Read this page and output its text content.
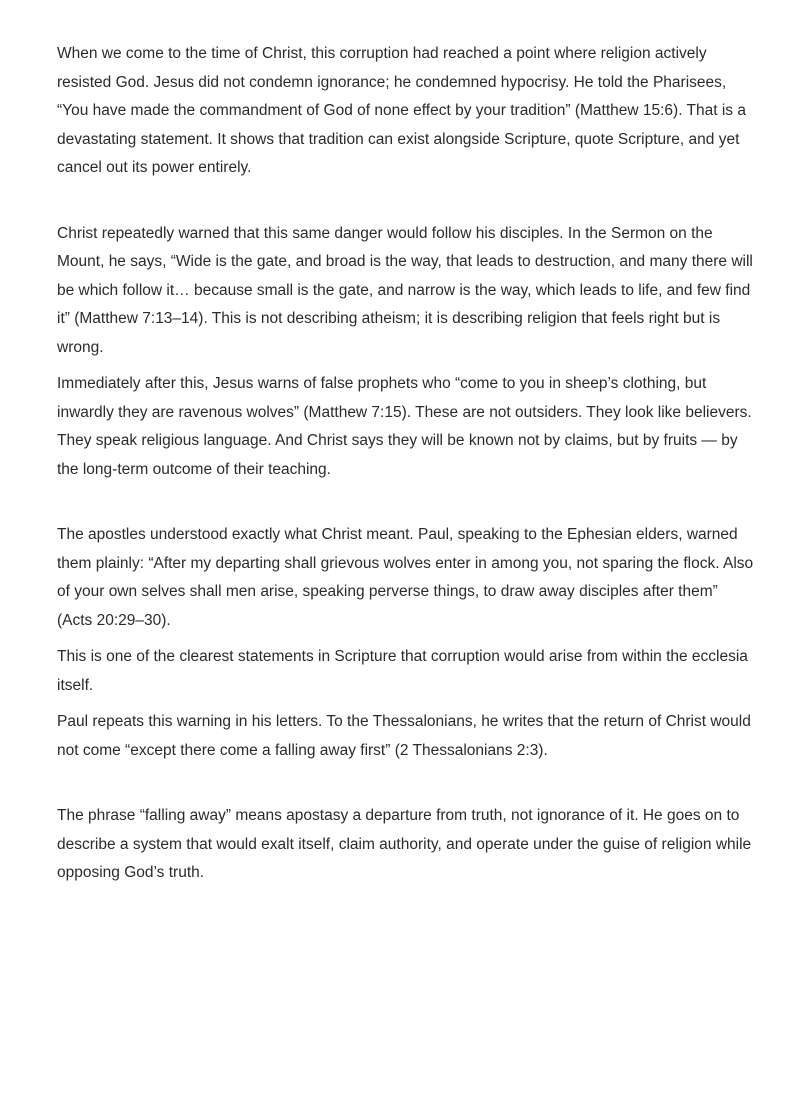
When we come to the time of Christ, this corruption had reached a point where religion actively resisted God. Jesus did not condemn ignorance; he condemned hypocrisy. He told the Pharisees, “You have made the commandment of God of none effect by your tradition” (Matthew 15:6). That is a devastating statement. It shows that tradition can exist alongside Scripture, quote Scripture, and yet cancel out its power entirely.

Christ repeatedly warned that this same danger would follow his disciples. In the Sermon on the Mount, he says, “Wide is the gate, and broad is the way, that leads to destruction, and many there will be which follow it… because small is the gate, and narrow is the way, which leads to life, and few find it” (Matthew 7:13–14). This is not describing atheism; it is describing religion that feels right but is wrong.

Immediately after this, Jesus warns of false prophets who “come to you in sheep’s clothing, but inwardly they are ravenous wolves” (Matthew 7:15). These are not outsiders. They look like believers. They speak religious language. And Christ says they will be known not by claims, but by fruits — by the long-term outcome of their teaching.

The apostles understood exactly what Christ meant. Paul, speaking to the Ephesian elders, warned them plainly: “After my departing shall grievous wolves enter in among you, not sparing the flock. Also of your own selves shall men arise, speaking perverse things, to draw away disciples after them” (Acts 20:29–30).

This is one of the clearest statements in Scripture that corruption would arise from within the ecclesia itself.

Paul repeats this warning in his letters. To the Thessalonians, he writes that the return of Christ would not come “except there come a falling away first” (2 Thessalonians 2:3).

The phrase “falling away” means apostasy a departure from truth, not ignorance of it. He goes on to describe a system that would exalt itself, claim authority, and operate under the guise of religion while opposing God’s truth.
